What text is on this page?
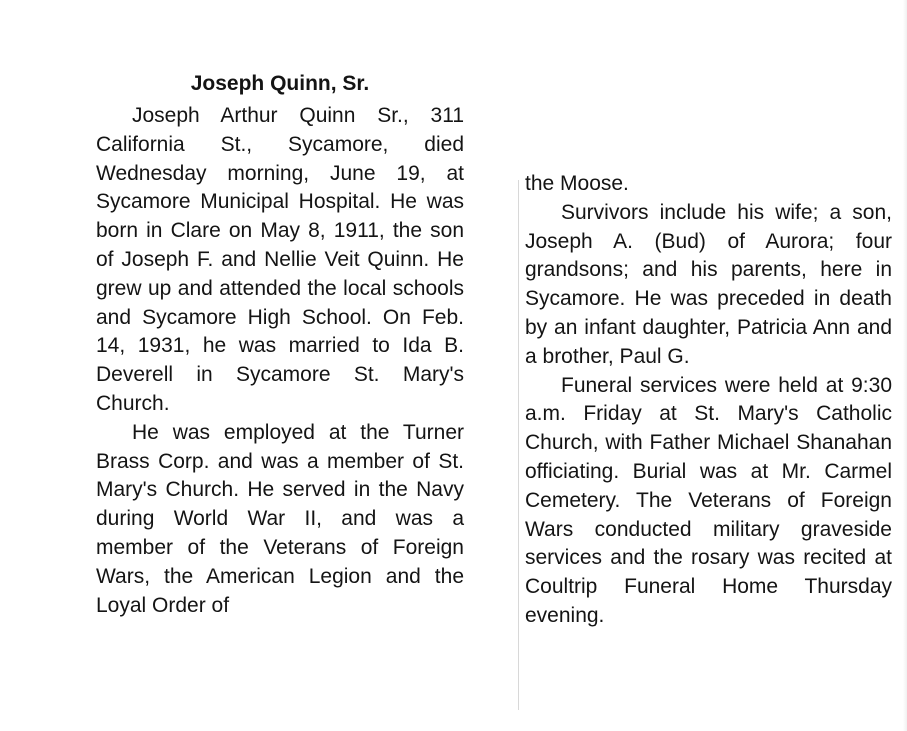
Joseph Quinn, Sr.

Joseph Arthur Quinn Sr., 311 California St., Sycamore, died Wednesday morning, June 19, at Sycamore Municipal Hospital. He was born in Clare on May 8, 1911, the son of Joseph F. and Nellie Veit Quinn. He grew up and attended the local schools and Sycamore High School. On Feb. 14, 1931, he was married to Ida B. Deverell in Sycamore St. Mary's Church.

He was employed at the Turner Brass Corp. and was a member of St. Mary's Church. He served in the Navy during World War II, and was a member of the Veterans of Foreign Wars, the American Legion and the Loyal Order of

the Moose.

Survivors include his wife; a son, Joseph A. (Bud) of Aurora; four grandsons; and his parents, here in Sycamore. He was preceded in death by an infant daughter, Patricia Ann and a brother, Paul G.

Funeral services were held at 9:30 a.m. Friday at St. Mary's Catholic Church, with Father Michael Shanahan officiating. Burial was at Mr. Carmel Cemetery. The Veterans of Foreign Wars conducted military graveside services and the rosary was recited at Coultrip Funeral Home Thursday evening.
